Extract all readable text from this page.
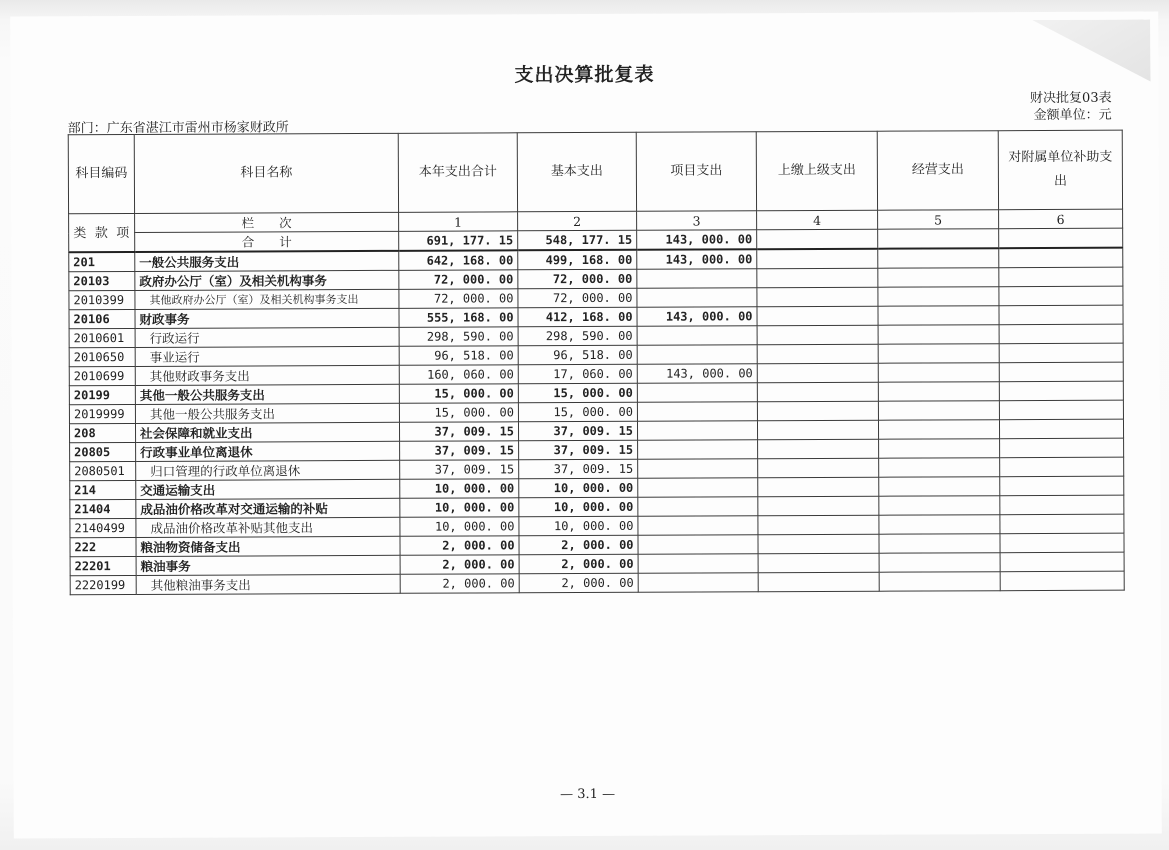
支出决算批复表
财决批复03表
金额单位：元
部门：广东省湛江市雷州市杨家财政所
科目编码	科目名称	本年支出合计	基本支出	项目支出	上缴上级支出	经营支出	对附属单位补助支出
类 款 项	栏　　次	1	2	3	4	5	6
	合　　计	691, 177. 15	548, 177. 15	143, 000. 00			
201	一般公共服务支出	642, 168. 00	499, 168. 00	143, 000. 00			
20103	政府办公厅（室）及相关机构事务	72, 000. 00	72, 000. 00				
2010399	其他政府办公厅（室）及相关机构事务支出	72, 000. 00	72, 000. 00				
20106	财政事务	555, 168. 00	412, 168. 00	143, 000. 00			
2010601	行政运行	298, 590. 00	298, 590. 00				
2010650	事业运行	96, 518. 00	96, 518. 00				
2010699	其他财政事务支出	160, 060. 00	17, 060. 00	143, 000. 00			
20199	其他一般公共服务支出	15, 000. 00	15, 000. 00				
2019999	其他一般公共服务支出	15, 000. 00	15, 000. 00				
208	社会保障和就业支出	37, 009. 15	37, 009. 15				
20805	行政事业单位离退休	37, 009. 15	37, 009. 15				
2080501	归口管理的行政单位离退休	37, 009. 15	37, 009. 15				
214	交通运输支出	10, 000. 00	10, 000. 00				
21404	成品油价格改革对交通运输的补贴	10, 000. 00	10, 000. 00				
2140499	成品油价格改革补贴其他支出	10, 000. 00	10, 000. 00				
222	粮油物资储备支出	2, 000. 00	2, 000. 00				
22201	粮油事务	2, 000. 00	2, 000. 00				
2220199	其他粮油事务支出	2, 000. 00	2, 000. 00				
— 3.1 —
